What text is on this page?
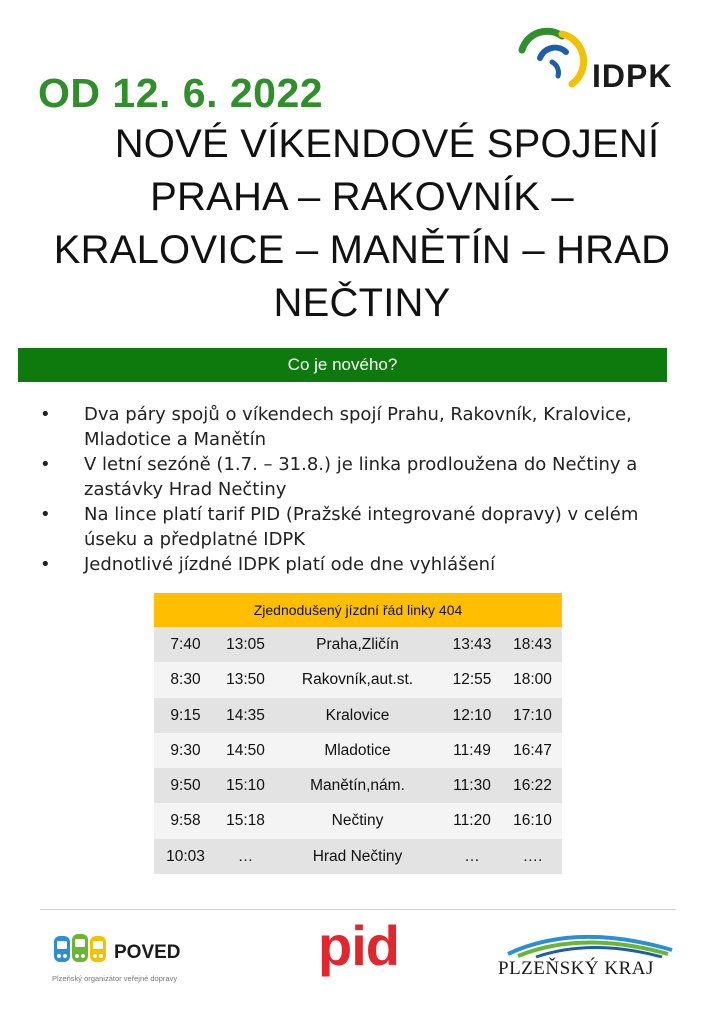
IDPK
OD 12. 6. 2022
NOVÉ VÍKENDOVÉ SPOJENÍ
PRAHA – RAKOVNÍK –
KRALOVICE – MANĚTÍN – HRAD
NEČTINY
Co je nového?
• Dva páry spojů o víkendech spojí Prahu, Rakovník, Kralovice, Mladotice a Manětín
• V letní sezóně (1.7. – 31.8.) je linka prodloužena do Nečtiny a zastávky Hrad Nečtiny
• Na lince platí tarif PID (Pražské integrované dopravy) v celém úseku a předplatné IDPK
• Jednotlivé jízdné IDPK platí ode dne vyhlášení
Zjednodušený jízdní řád linky 404
7:40	13:05	Praha,Zličín	13:43	18:43
8:30	13:50	Rakovník,aut.st.	12:55	18:00
9:15	14:35	Kralovice	12:10	17:10
9:30	14:50	Mladotice	11:49	16:47
9:50	15:10	Manětín,nám.	11:30	16:22
9:58	15:18	Nečtiny	11:20	16:10
10:03	…	Hrad Nečtiny	…	….
POVED
Plzeňský organizátor veřejné dopravy
pid	PLZEŇSKÝ KRAJ
